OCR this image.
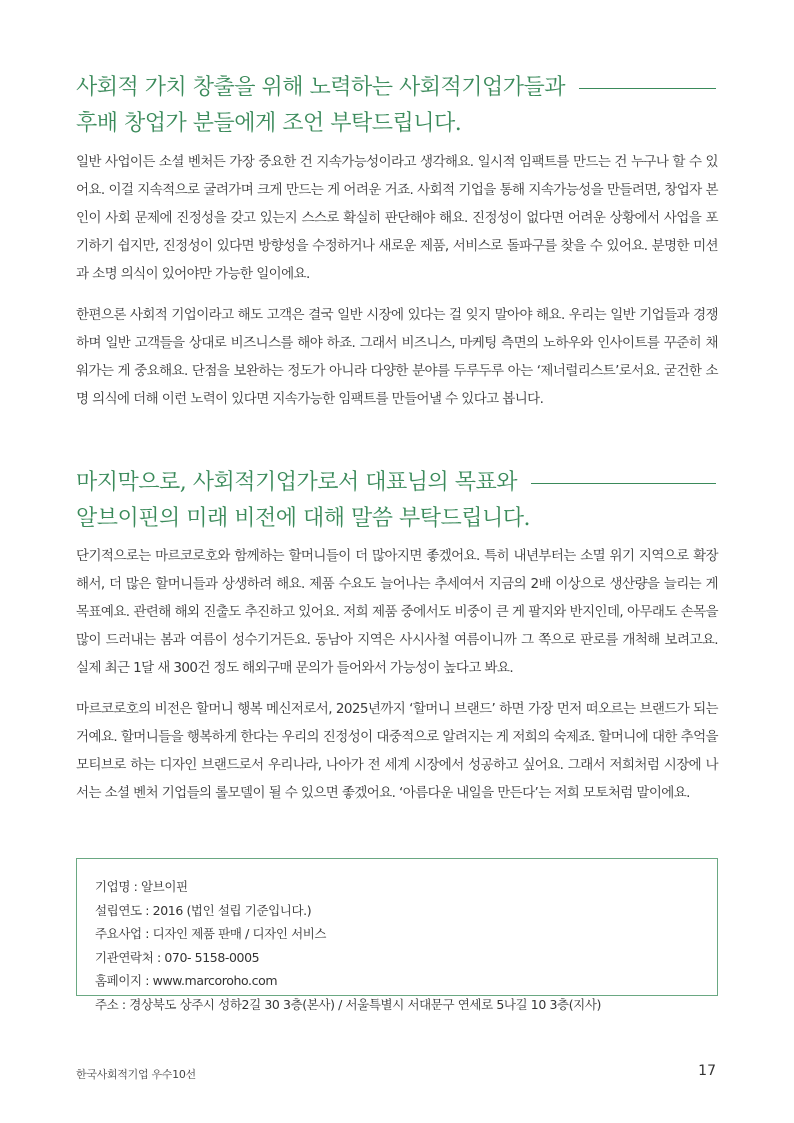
사회적 가치 창출을 위해 노력하는 사회적기업가들과
후배 창업가 분들에게 조언 부탁드립니다.

일반 사업이든 소셜 벤처든 가장 중요한 건 지속가능성이라고 생각해요. 일시적 임팩트를 만드는 건 누구나 할 수 있어요. 이걸 지속적으로 굴려가며 크게 만드는 게 어려운 거죠. 사회적 기업을 통해 지속가능성을 만들려면, 창업자 본인이 사회 문제에 진정성을 갖고 있는지 스스로 확실히 판단해야 해요. 진정성이 없다면 어려운 상황에서 사업을 포기하기 쉽지만, 진정성이 있다면 방향성을 수정하거나 새로운 제품, 서비스로 돌파구를 찾을 수 있어요. 분명한 미션과 소명 의식이 있어야만 가능한 일이에요.

한편으론 사회적 기업이라고 해도 고객은 결국 일반 시장에 있다는 걸 잊지 말아야 해요. 우리는 일반 기업들과 경쟁하며 일반 고객들을 상대로 비즈니스를 해야 하죠. 그래서 비즈니스, 마케팅 측면의 노하우와 인사이트를 꾸준히 채워가는 게 중요해요. 단점을 보완하는 정도가 아니라 다양한 분야를 두루두루 아는 ‘제너럴리스트’로서요. 굳건한 소명 의식에 더해 이런 노력이 있다면 지속가능한 임팩트를 만들어낼 수 있다고 봅니다.

마지막으로, 사회적기업가로서 대표님의 목표와
알브이핀의 미래 비전에 대해 말씀 부탁드립니다.

단기적으로는 마르코로호와 함께하는 할머니들이 더 많아지면 좋겠어요. 특히 내년부터는 소멸 위기 지역으로 확장해서, 더 많은 할머니들과 상생하려 해요. 제품 수요도 늘어나는 추세여서 지금의 2배 이상으로 생산량을 늘리는 게 목표예요. 관련해 해외 진출도 추진하고 있어요. 저희 제품 중에서도 비중이 큰 게 팔지와 반지인데, 아무래도 손목을 많이 드러내는 봄과 여름이 성수기거든요. 동남아 지역은 사시사철 여름이니까 그 쪽으로 판로를 개척해 보려고요. 실제 최근 1달 새 300건 정도 해외구매 문의가 들어와서 가능성이 높다고 봐요.

마르코로호의 비전은 할머니 행복 메신저로서, 2025년까지 ‘할머니 브랜드’ 하면 가장 먼저 떠오르는 브랜드가 되는 거예요. 할머니들을 행복하게 한다는 우리의 진정성이 대중적으로 알려지는 게 저희의 숙제죠. 할머니에 대한 추억을 모티브로 하는 디자인 브랜드로서 우리나라, 나아가 전 세계 시장에서 성공하고 싶어요. 그래서 저희처럼 시장에 나서는 소셜 벤처 기업들의 롤모델이 될 수 있으면 좋겠어요. ‘아름다운 내일을 만든다’는 저희 모토처럼 말이에요.

기업명 : 알브이핀
설립연도 : 2016 (법인 설립 기준입니다.)
주요사업 : 디자인 제품 판매 / 디자인 서비스
기관연락처 : 070- 5158-0005
홈페이지 : www.marcoroho.com
주소 : 경상북도 상주시 성하2길 30 3층(본사) / 서울특별시 서대문구 연세로 5나길 10 3층(지사)
한국사회적기업 우수10선	17
